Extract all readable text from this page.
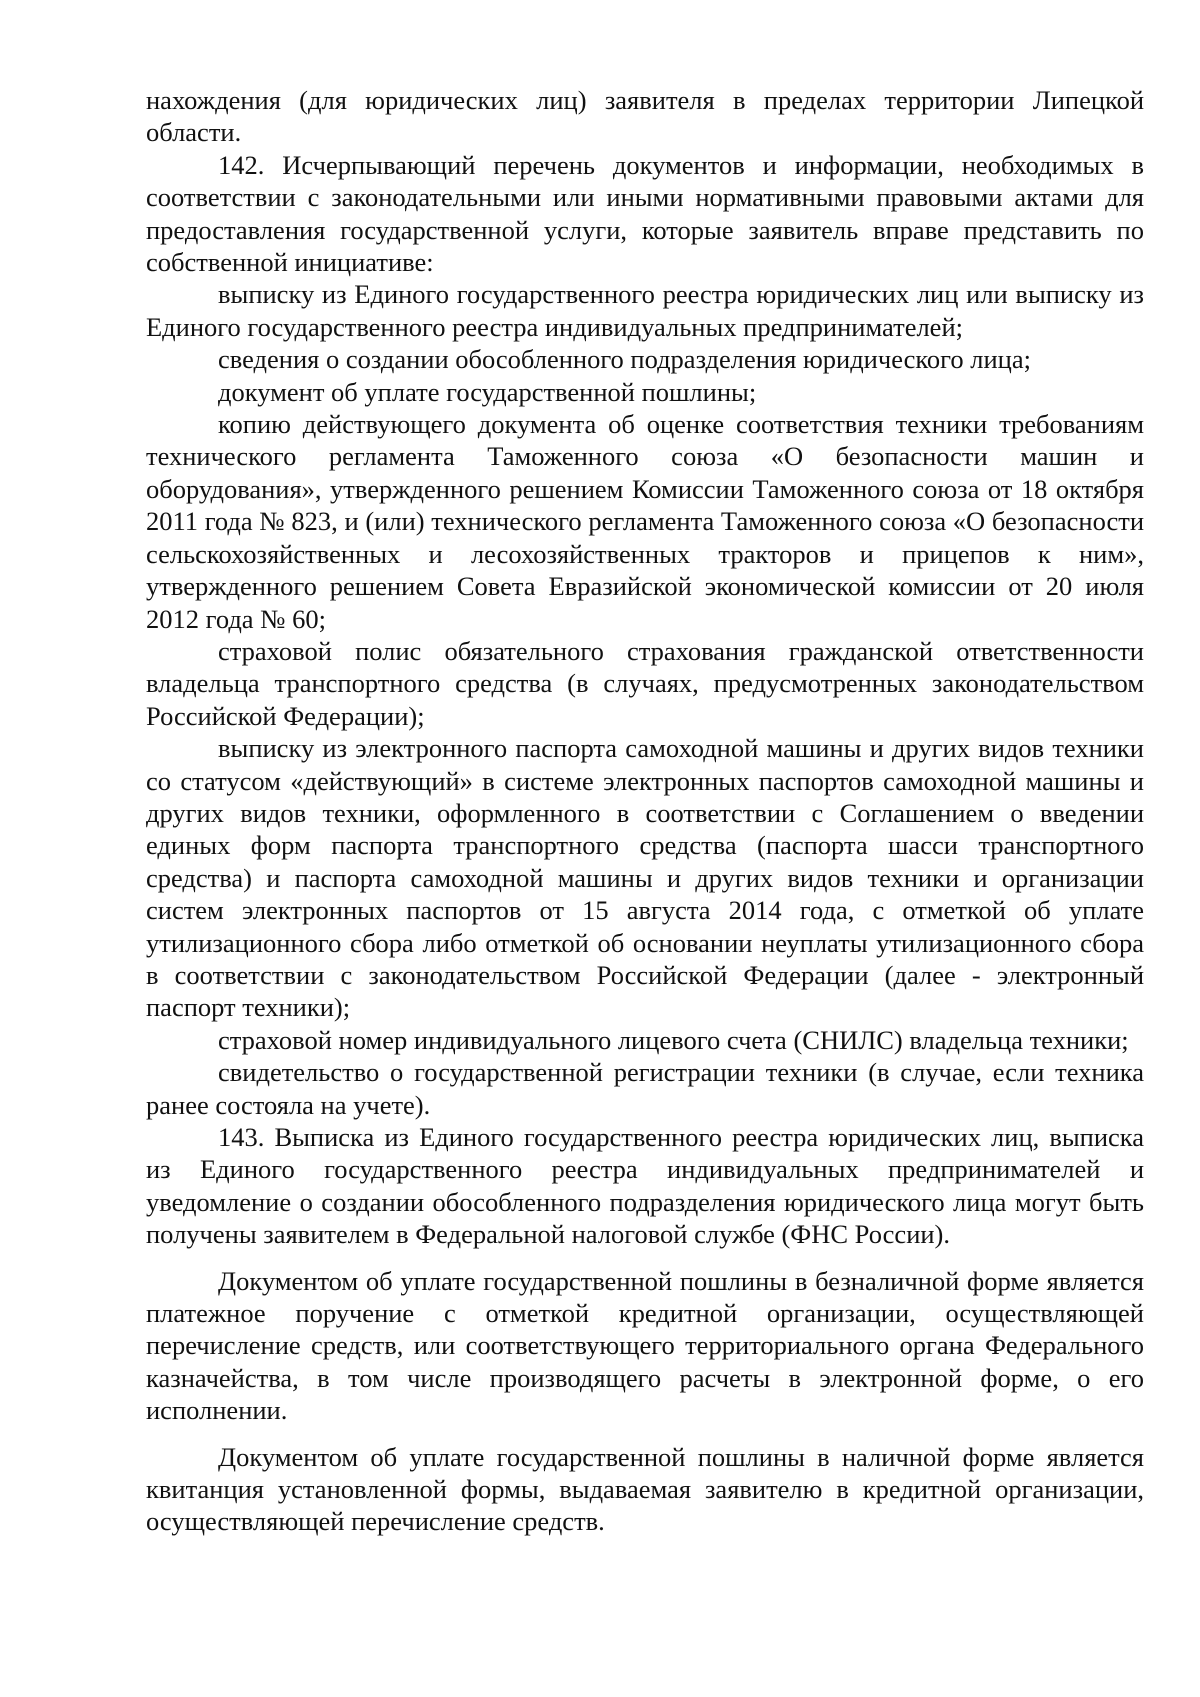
нахождения (для юридических лиц) заявителя в пределах территории Липецкой области.

142. Исчерпывающий перечень документов и информации, необходимых в соответствии с законодательными или иными нормативными правовыми актами для предоставления государственной услуги, которые заявитель вправе представить по собственной инициативе:

выписку из Единого государственного реестра юридических лиц или выписку из Единого государственного реестра индивидуальных предпринимателей;

сведения о создании обособленного подразделения юридического лица;

документ об уплате государственной пошлины;

копию действующего документа об оценке соответствия техники требованиям технического регламента Таможенного союза «О безопасности машин и оборудования», утвержденного решением Комиссии Таможенного союза от 18 октября 2011 года № 823, и (или) технического регламента Таможенного союза «О безопасности сельскохозяйственных и лесохозяйственных тракторов и прицепов к ним», утвержденного решением Совета Евразийской экономической комиссии от 20 июля 2012 года № 60;

страховой полис обязательного страхования гражданской ответственности владельца транспортного средства (в случаях, предусмотренных законодательством Российской Федерации);

выписку из электронного паспорта самоходной машины и других видов техники со статусом «действующий» в системе электронных паспортов самоходной машины и других видов техники, оформленного в соответствии с Соглашением о введении единых форм паспорта транспортного средства (паспорта шасси транспортного средства) и паспорта самоходной машины и других видов техники и организации систем электронных паспортов от 15 августа 2014 года, с отметкой об уплате утилизационного сбора либо отметкой об основании неуплаты утилизационного сбора в соответствии с законодательством Российской Федерации (далее - электронный паспорт техники);

страховой номер индивидуального лицевого счета (СНИЛС) владельца техники;

свидетельство о государственной регистрации техники (в случае, если техника ранее состояла на учете).

143. Выписка из Единого государственного реестра юридических лиц, выписка из Единого государственного реестра индивидуальных предпринимателей и уведомление о создании обособленного подразделения юридического лица могут быть получены заявителем в Федеральной налоговой службе (ФНС России).

Документом об уплате государственной пошлины в безналичной форме является платежное поручение с отметкой кредитной организации, осуществляющей перечисление средств, или соответствующего территориального органа Федерального казначейства, в том числе производящего расчеты в электронной форме, о его исполнении.

Документом об уплате государственной пошлины в наличной форме является квитанция установленной формы, выдаваемая заявителю в кредитной организации, осуществляющей перечисление средств.
